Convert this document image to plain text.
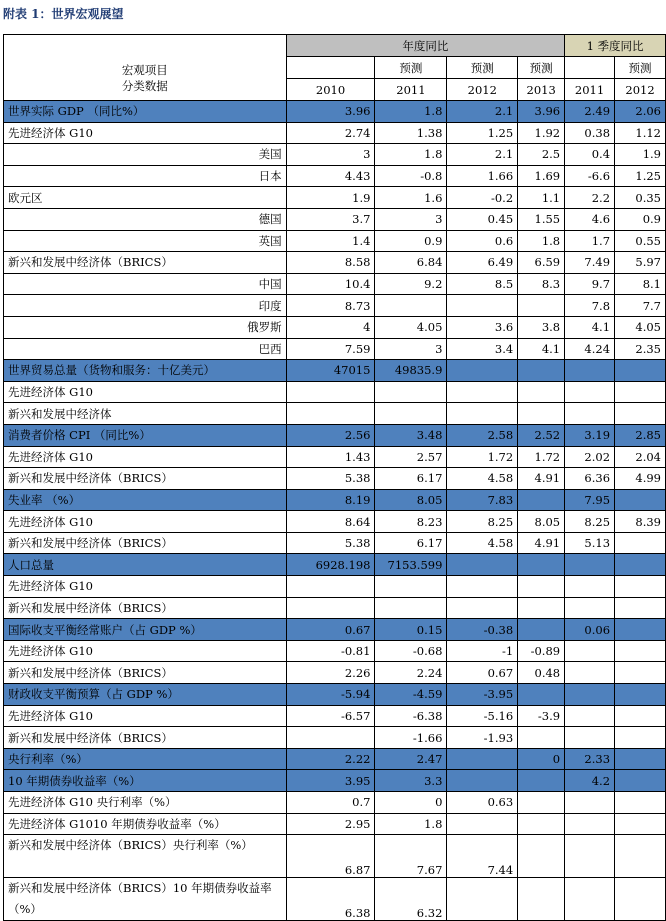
附表 1：世界宏观展望
宏观项目
分类数据	年度同比				1 季度同比	
		预测	预测	预测		预测
	2010	2011	2012	2013	2011	2012
世界实际 GDP （同比%）	3.96	1.8	2.1	3.96	2.49	2.06
先进经济体 G10	2.74	1.38	1.25	1.92	0.38	1.12
美国	3	1.8	2.1	2.5	0.4	1.9
日本	4.43	-0.8	1.66	1.69	-6.6	1.25
欧元区	1.9	1.6	-0.2	1.1	2.2	0.35
德国	3.7	3	0.45	1.55	4.6	0.9
英国	1.4	0.9	0.6	1.8	1.7	0.55
新兴和发展中经济体（BRICS）	8.58	6.84	6.49	6.59	7.49	5.97
中国	10.4	9.2	8.5	8.3	9.7	8.1
印度	8.73				7.8	7.7
俄罗斯	4	4.05	3.6	3.8	4.1	4.05
巴西	7.59	3	3.4	4.1	4.24	2.35
世界贸易总量（货物和服务：十亿美元）	47015	49835.9				
先进经济体 G10						
新兴和发展中经济体						
消费者价格 CPI （同比%）	2.56	3.48	2.58	2.52	3.19	2.85
先进经济体 G10	1.43	2.57	1.72	1.72	2.02	2.04
新兴和发展中经济体（BRICS）	5.38	6.17	4.58	4.91	6.36	4.99
失业率 （%）	8.19	8.05	7.83		7.95	
先进经济体 G10	8.64	8.23	8.25	8.05	8.25	8.39
新兴和发展中经济体（BRICS）	5.38	6.17	4.58	4.91	5.13	
人口总量	6928.198	7153.599				
先进经济体 G10						
新兴和发展中经济体（BRICS）						
国际收支平衡经常账户（占 GDP %）	0.67	0.15	-0.38		0.06	
先进经济体 G10	-0.81	-0.68	-1	-0.89		
新兴和发展中经济体（BRICS）	2.26	2.24	0.67	0.48		
财政收支平衡预算（占 GDP %）	-5.94	-4.59	-3.95			
先进经济体 G10	-6.57	-6.38	-5.16	-3.9		
新兴和发展中经济体（BRICS）		-1.66	-1.93			
央行利率（%）	2.22	2.47		0	2.33	
10 年期债券收益率（%）	3.95	3.3			4.2	
先进经济体 G10 央行利率（%）	0.7	0	0.63			
先进经济体 G1010 年期债券收益率（%）	2.95	1.8				
新兴和发展中经济体（BRICS）央行利率（%）	6.87	7.67	7.44			
新兴和发展中经济体（BRICS）10 年期债券收益率（%）	6.38	6.32				
